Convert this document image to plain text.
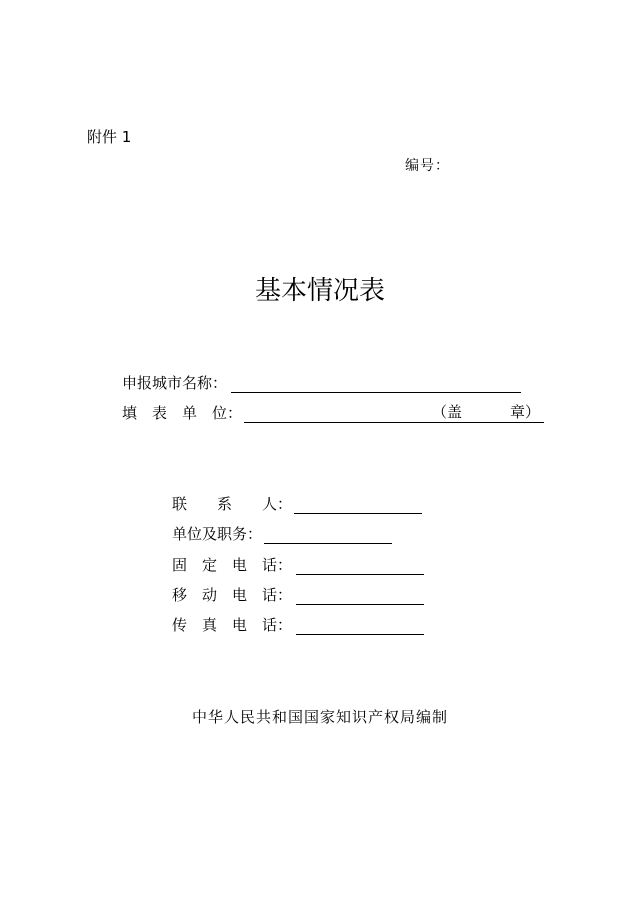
附件 1
编号：
基本情况表
申报城市名称：
填　表　单　位：	（盖	章）
联　　系　　人：
单位及职务：
固　定　电　话：
移　动　电　话：
传　真　电　话：
中华人民共和国国家知识产权局编制
